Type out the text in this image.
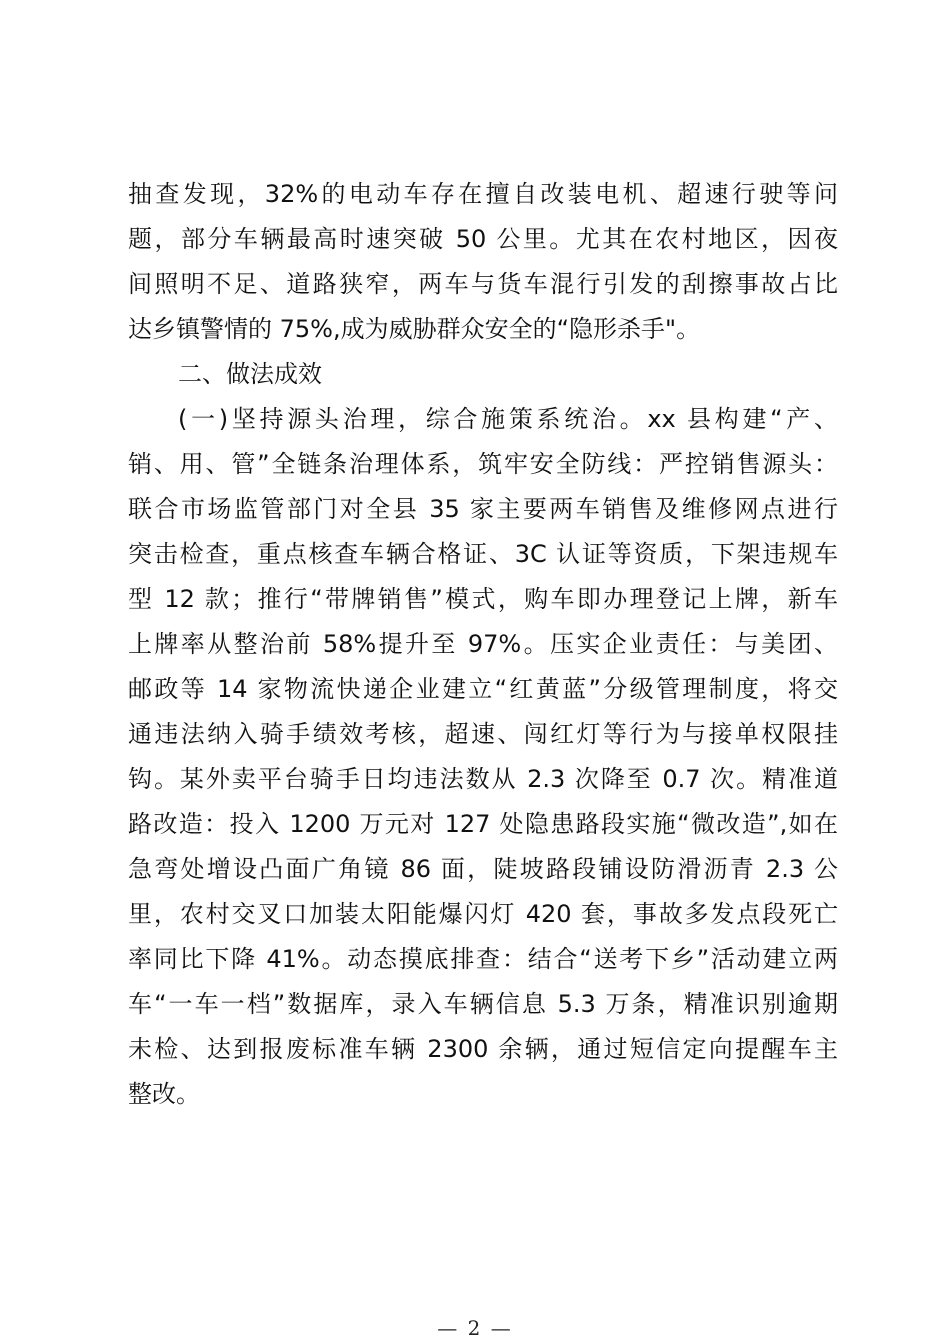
抽查发现，32%的电动车存在擅自改装电机、超速行驶等问
题，部分车辆最高时速突破 50 公里。尤其在农村地区，因夜
间照明不足、道路狭窄，两车与货车混行引发的刮擦事故占比
达乡镇警情的 75%,成为威胁群众安全的“隐形杀手"。
二、做法成效
(一)坚持源头治理，综合施策系统治。xx 县构建“产、
销、用、管”全链条治理体系，筑牢安全防线：严控销售源头：
联合市场监管部门对全县 35 家主要两车销售及维修网点进行
突击检查，重点核查车辆合格证、3C 认证等资质，下架违规车
型 12 款；推行“带牌销售”模式，购车即办理登记上牌，新车
上牌率从整治前 58%提升至 97%。压实企业责任：与美团、
邮政等 14 家物流快递企业建立“红黄蓝”分级管理制度，将交
通违法纳入骑手绩效考核，超速、闯红灯等行为与接单权限挂
钩。某外卖平台骑手日均违法数从 2.3 次降至 0.7 次。精准道
路改造：投入 1200 万元对 127 处隐患路段实施“微改造”,如在
急弯处增设凸面广角镜 86 面，陡坡路段铺设防滑沥青 2.3 公
里，农村交叉口加装太阳能爆闪灯 420 套，事故多发点段死亡
率同比下降 41%。动态摸底排查：结合“送考下乡”活动建立两
车“一车一档”数据库，录入车辆信息 5.3 万条，精准识别逾期
未检、达到报废标准车辆 2300 余辆，通过短信定向提醒车主
整改。
— 2 —
